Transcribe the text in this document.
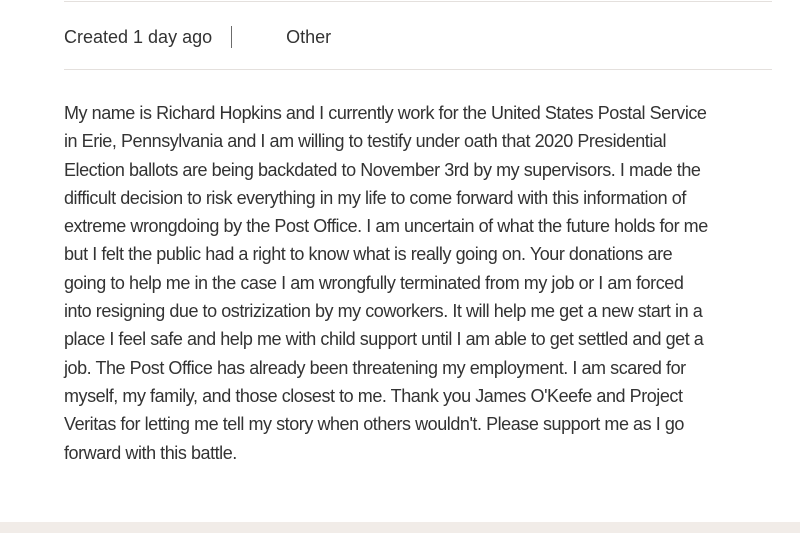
Created 1 day ago	Other

My name is Richard Hopkins and I currently work for the United States Postal Service
in Erie, Pennsylvania and I am willing to testify under oath that 2020 Presidential
Election ballots are being backdated to November 3rd by my supervisors. I made the
difficult decision to risk everything in my life to come forward with this information of
extreme wrongdoing by the Post Office. I am uncertain of what the future holds for me
but I felt the public had a right to know what is really going on. Your donations are
going to help me in the case I am wrongfully terminated from my job or I am forced
into resigning due to ostrizization by my coworkers. It will help me get a new start in a
place I feel safe and help me with child support until I am able to get settled and get a
job. The Post Office has already been threatening my employment. I am scared for
myself, my family, and those closest to me. Thank you James O'Keefe and Project
Veritas for letting me tell my story when others wouldn't. Please support me as I go
forward with this battle.
